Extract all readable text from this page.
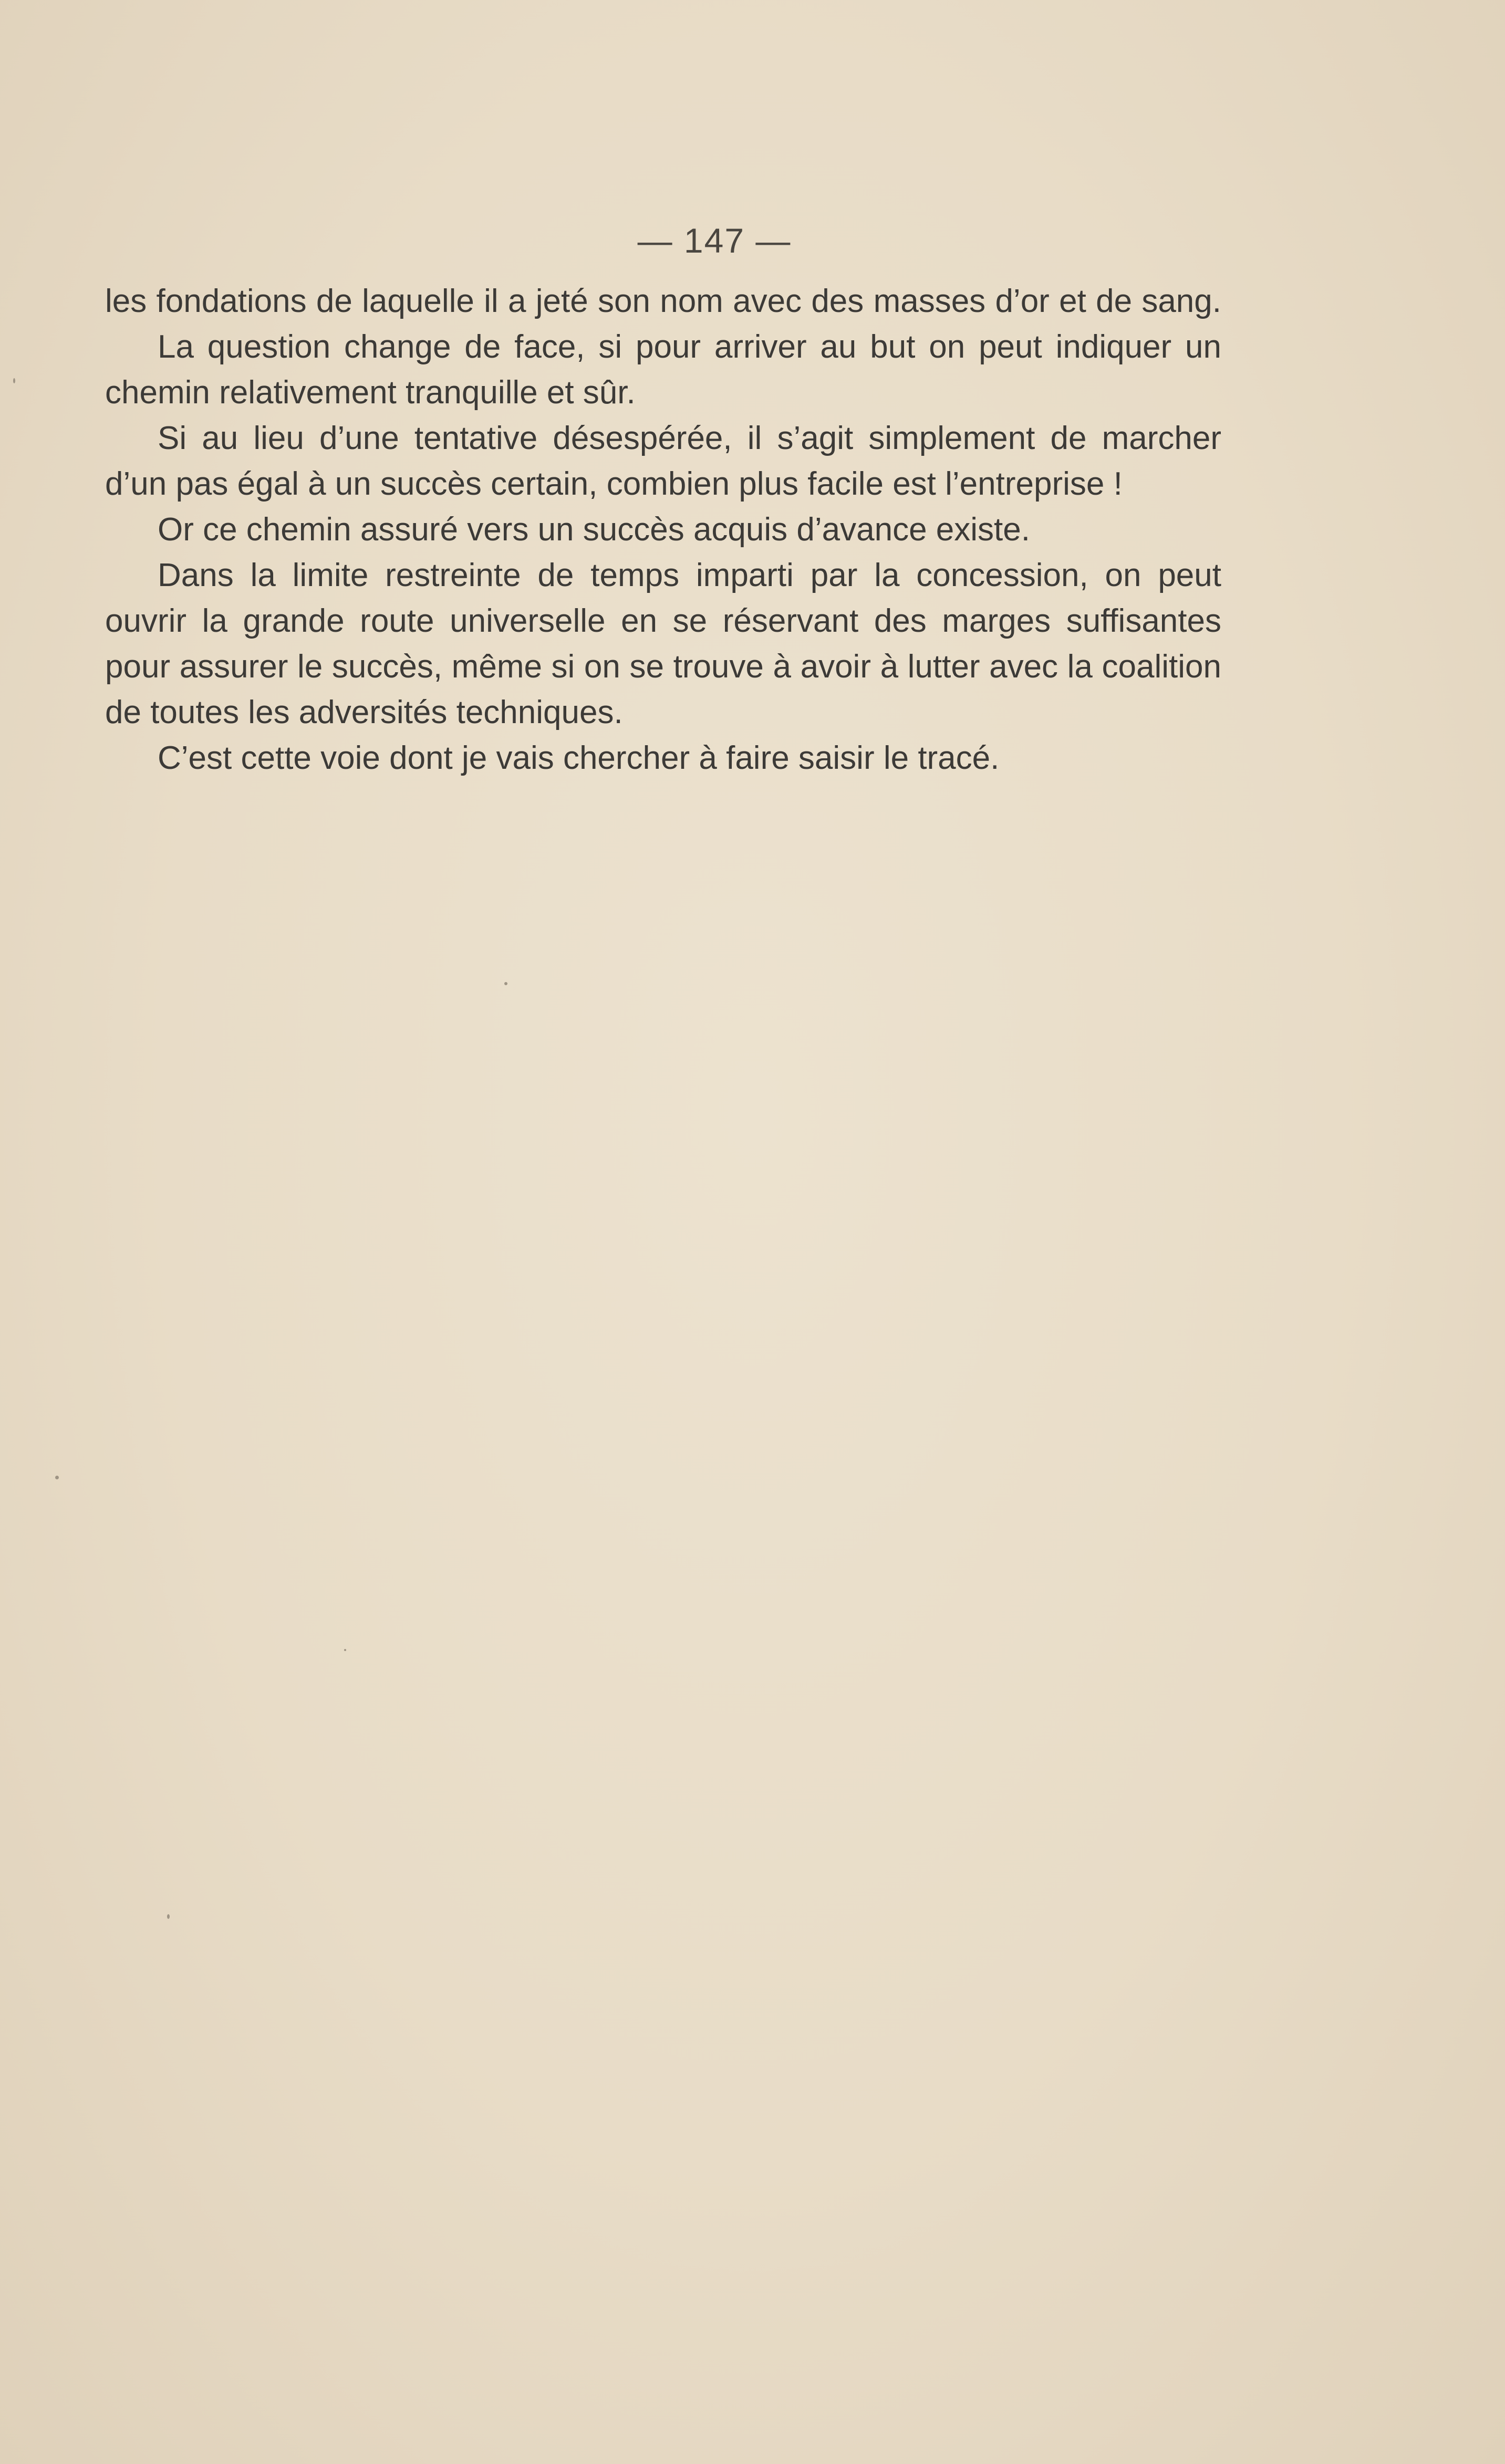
— 147 —

les fondations de laquelle il a jeté son nom avec des masses d’or et de sang.

La question change de face, si pour arriver au but on peut indiquer un chemin relativement tranquille et sûr.

Si au lieu d’une tentative désespérée, il s’agit simplement de marcher d’un pas égal à un succès certain, combien plus facile est l’entreprise !

Or ce chemin assuré vers un succès acquis d’avance existe.

Dans la limite restreinte de temps imparti par la concession, on peut ouvrir la grande route universelle en se réservant des marges suffisantes pour assurer le succès, même si on se trouve à avoir à lutter avec la coalition de toutes les adversités techniques.

C’est cette voie dont je vais chercher à faire saisir le tracé.
